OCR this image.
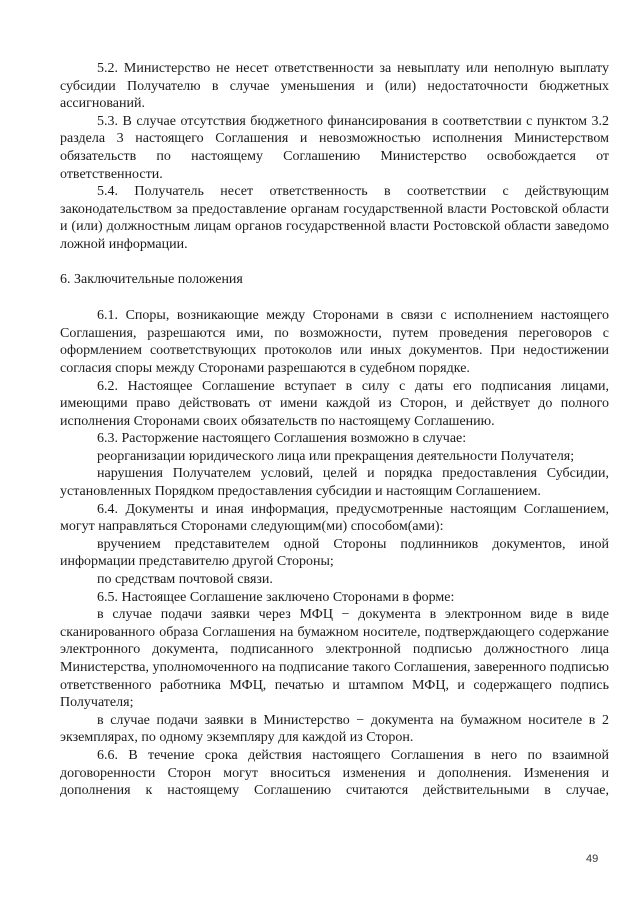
5.2. Министерство не несет ответственности за невыплату или неполную выплату субсидии Получателю в случае уменьшения и (или) недостаточности бюджетных ассигнований.

5.3. В случае отсутствия бюджетного финансирования в соответствии с пунктом 3.2 раздела 3 настоящего Соглашения и невозможностью исполнения Министерством обязательств по настоящему Соглашению Министерство освобождается от ответственности.

5.4. Получатель несет ответственность в соответствии с действующим законодательством за предоставление органам государственной власти Ростовской области и (или) должностным лицам органов государственной власти Ростовской области заведомо ложной информации.

6. Заключительные положения

6.1. Споры, возникающие между Сторонами в связи с исполнением настоящего Соглашения, разрешаются ими, по возможности, путем проведения переговоров с оформлением соответствующих протоколов или иных документов. При недостижении согласия споры между Сторонами разрешаются в судебном порядке.

6.2. Настоящее Соглашение вступает в силу с даты его подписания лицами, имеющими право действовать от имени каждой из Сторон, и действует до полного исполнения Сторонами своих обязательств по настоящему Соглашению.

6.3. Расторжение настоящего Соглашения возможно в случае:

реорганизации юридического лица или прекращения деятельности Получателя;

нарушения Получателем условий, целей и порядка предоставления Субсидии, установленных Порядком предоставления субсидии и настоящим Соглашением.

6.4. Документы и иная информация, предусмотренные настоящим Соглашением, могут направляться Сторонами следующим(ми) способом(ами):

вручением представителем одной Стороны подлинников документов, иной информации представителю другой Стороны;

по средствам почтовой связи.

6.5. Настоящее Соглашение заключено Сторонами в форме:

в случае подачи заявки через МФЦ − документа в электронном виде в виде сканированного образа Соглашения на бумажном носителе, подтверждающего содержание электронного документа, подписанного электронной подписью должностного лица Министерства, уполномоченного на подписание такого Соглашения, заверенного подписью ответственного работника МФЦ, печатью и штампом МФЦ, и содержащего подпись Получателя;

в случае подачи заявки в Министерство − документа на бумажном носителе в 2 экземплярах, по одному экземпляру для каждой из Сторон.

6.6. В течение срока действия настоящего Соглашения в него по взаимной договоренности Сторон могут вноситься изменения и дополнения. Изменения и дополнения к настоящему Соглашению считаются действительными в случае,

49
